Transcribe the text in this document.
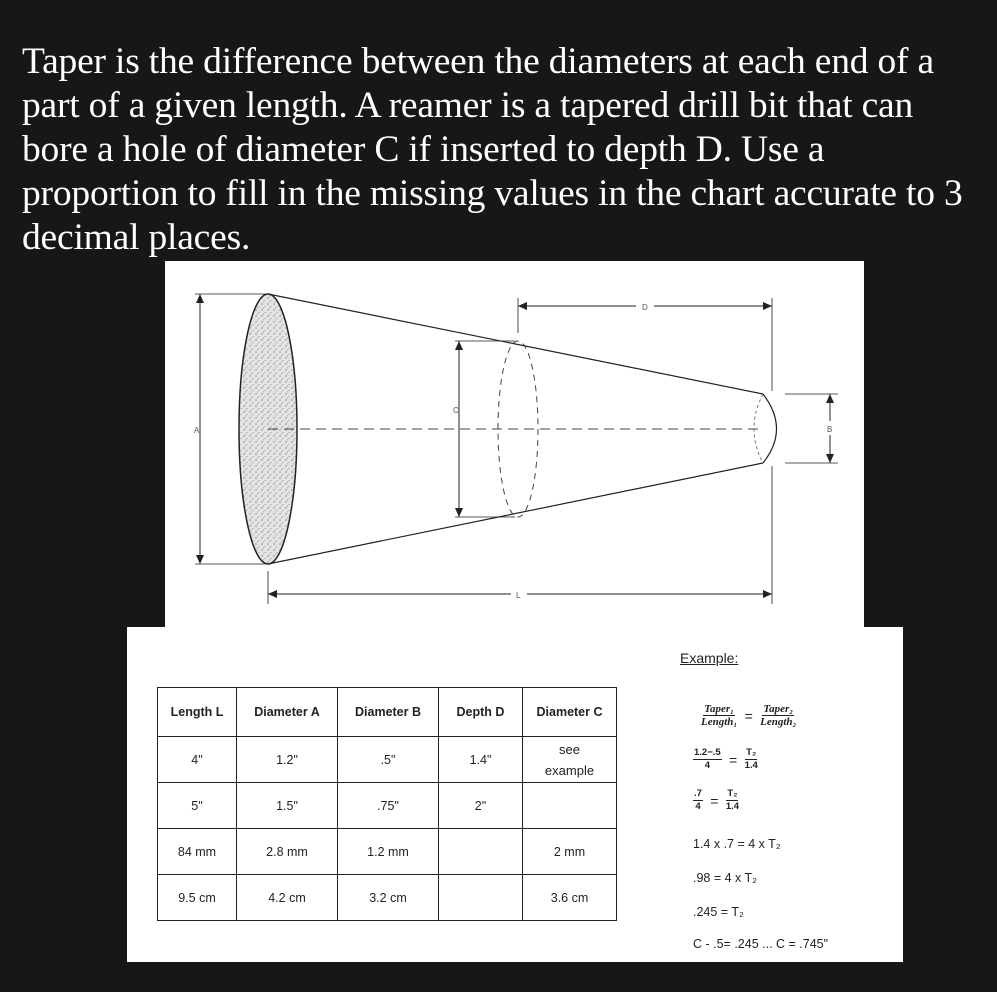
Taper is the difference between the diameters at each end of a
part of a given length. A reamer is a tapered drill bit that can
bore a hole of diameter C if inserted to depth D. Use a
proportion to fill in the missing values in the chart accurate to 3
decimal places.
A
C
B
D
L
Length L	Diameter A	Diameter B	Depth D	Diameter C
4"	1.2"	.5"	1.4"	see example

5"	1.5"	.75"	2"	
84 mm	2.8 mm	1.2 mm		2 mm
9.5 cm	4.2 cm	3.2 cm		3.6 cm
Example:
$\frac{\text{Taper₁}}{\text{Length₁}} = \frac{\text{Taper₂}}{\text{Length₂}}$
$\frac{1.2-.5}{4} = \frac{\text{T₂}}{1.4}$
$\frac{.7}{4} = \frac{\text{T₂}}{1.4}$
1.4 x .7 = 4 x T₂
.98 = 4 x T₂
.245 = T₂
C - .5= .245 ... C = .745"
